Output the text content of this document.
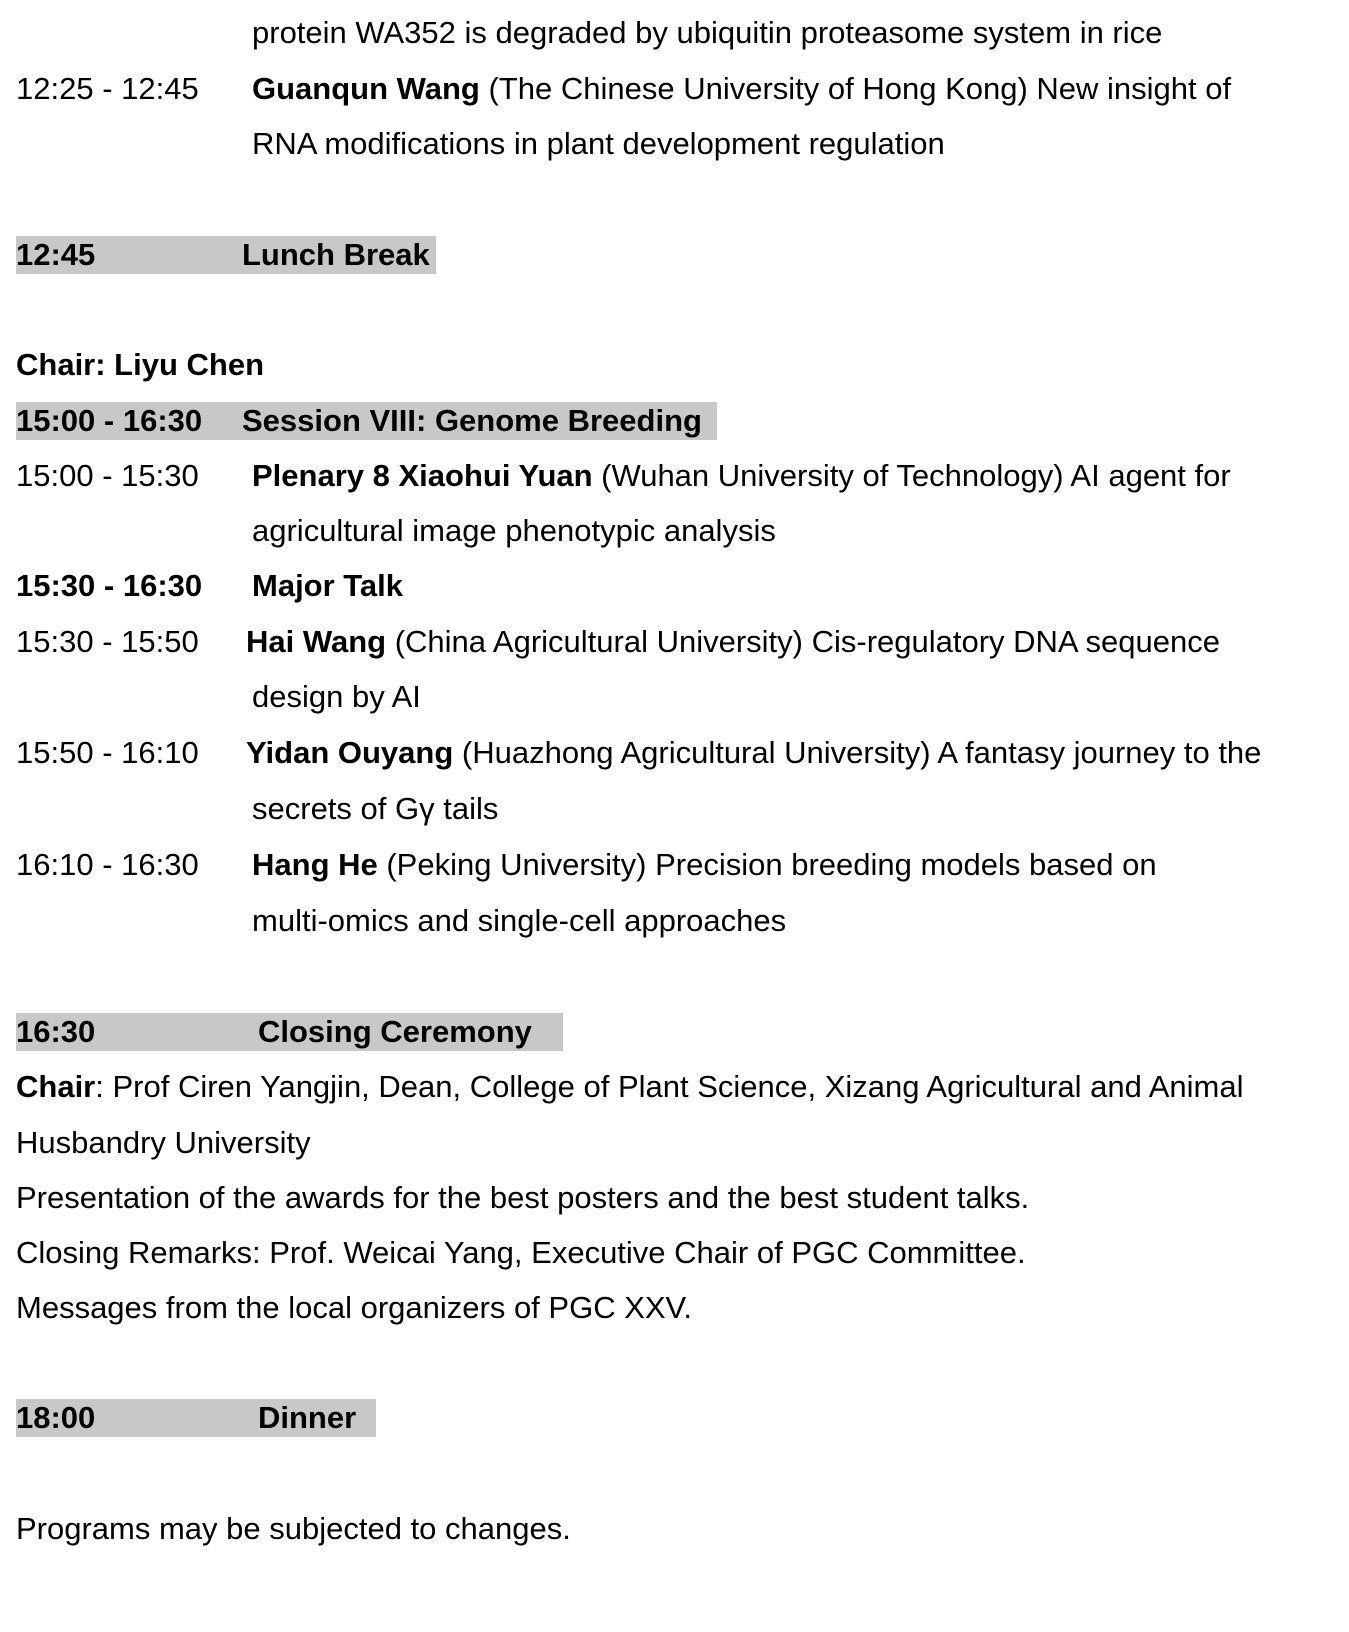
protein WA352 is degraded by ubiquitin proteasome system in rice
12:25 - 12:45 Guanqun Wang (The Chinese University of Hong Kong) New insight of
RNA modifications in plant development regulation
12:45	Lunch Break
Chair: Liyu Chen
15:00 - 16:30 Session VIII: Genome Breeding
15:00 - 15:30 Plenary 8 Xiaohui Yuan (Wuhan University of Technology) AI agent for
agricultural image phenotypic analysis
15:30 - 16:30 Major Talk
15:30 - 15:50 Hai Wang (China Agricultural University) Cis-regulatory DNA sequence
design by AI
15:50 - 16:10 Yidan Ouyang (Huazhong Agricultural University) A fantasy journey to the
secrets of Gγ tails
16:10 - 16:30 Hang He (Peking University) Precision breeding models based on
multi-omics and single-cell approaches
16:30	Closing Ceremony
Chair: Prof Ciren Yangjin, Dean, College of Plant Science, Xizang Agricultural and Animal
Husbandry University
Presentation of the awards for the best posters and the best student talks.
Closing Remarks: Prof. Weicai Yang, Executive Chair of PGC Committee.
Messages from the local organizers of PGC XXV.
18:00	Dinner
Programs may be subjected to changes.
